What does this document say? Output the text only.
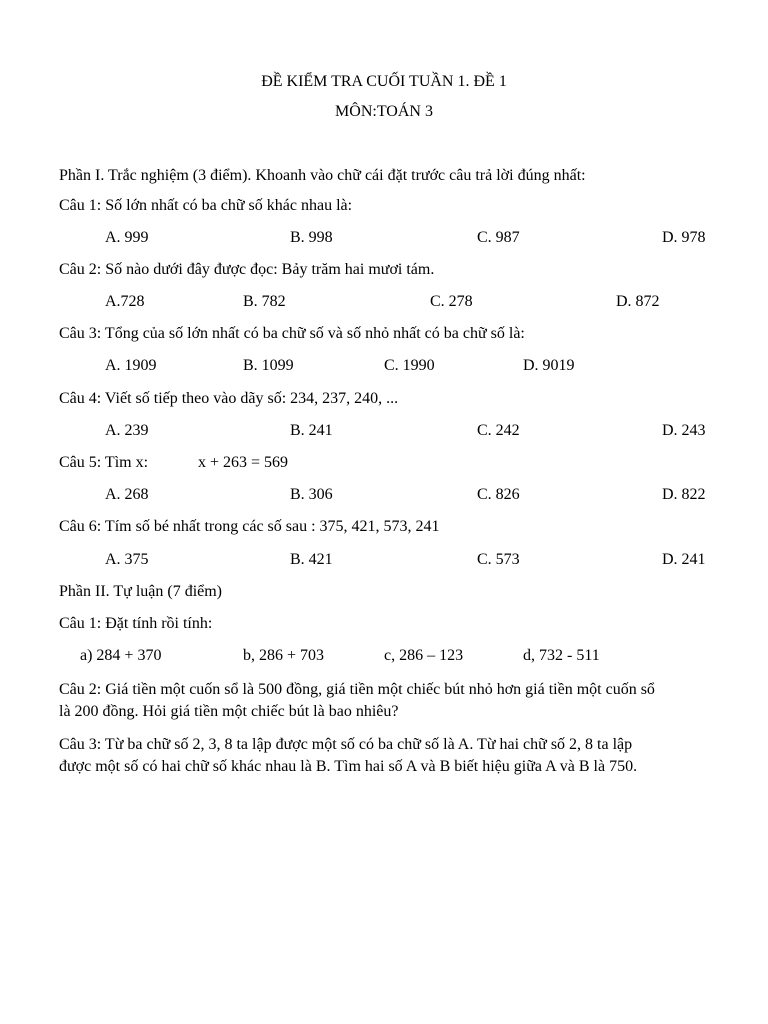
ĐỀ KIỂM TRA CUỐI TUẦN 1. ĐỀ 1
MÔN:TOÁN 3
Phần I. Trắc nghiệm (3 điểm). Khoanh vào chữ cái đặt trước câu trả lời đúng nhất:
Câu 1: Số lớn nhất có ba chữ số khác nhau là:
A. 999	B. 998	C. 987	D. 978
Câu 2: Số nào dưới đây được đọc: Bảy trăm hai mươi tám.
A.728	B. 782	C. 278	D. 872
Câu 3: Tổng của số lớn nhất có ba chữ số và số nhỏ nhất có ba chữ số là:
A. 1909	B. 1099	C. 1990	D. 9019
Câu 4: Viết số tiếp theo vào dãy số: 234, 237, 240, ...
A. 239	B. 241	C. 242	D. 243
Câu 5: Tìm x:	x + 263 = 569
A. 268	B. 306	C. 826	D. 822
Câu 6: Tím số bé nhất trong các số sau : 375, 421, 573, 241
A. 375	B. 421	C. 573	D. 241
Phần II. Tự luận (7 điểm)
Câu 1: Đặt tính rồi tính:
a) 284 + 370	b, 286 + 703	c, 286 – 123	d, 732 - 511
Câu 2: Giá tiền một cuốn sổ là 500 đồng, giá tiền một chiếc bút nhỏ hơn giá tiền một cuốn sổ
là 200 đồng. Hỏi giá tiền một chiếc bút là bao nhiêu?
Câu 3: Từ ba chữ số 2, 3, 8 ta lập được một số có ba chữ số là A. Từ hai chữ số 2, 8 ta lập
được một số có hai chữ số khác nhau là B. Tìm hai số A và B biết hiệu giữa A và B là 750.
